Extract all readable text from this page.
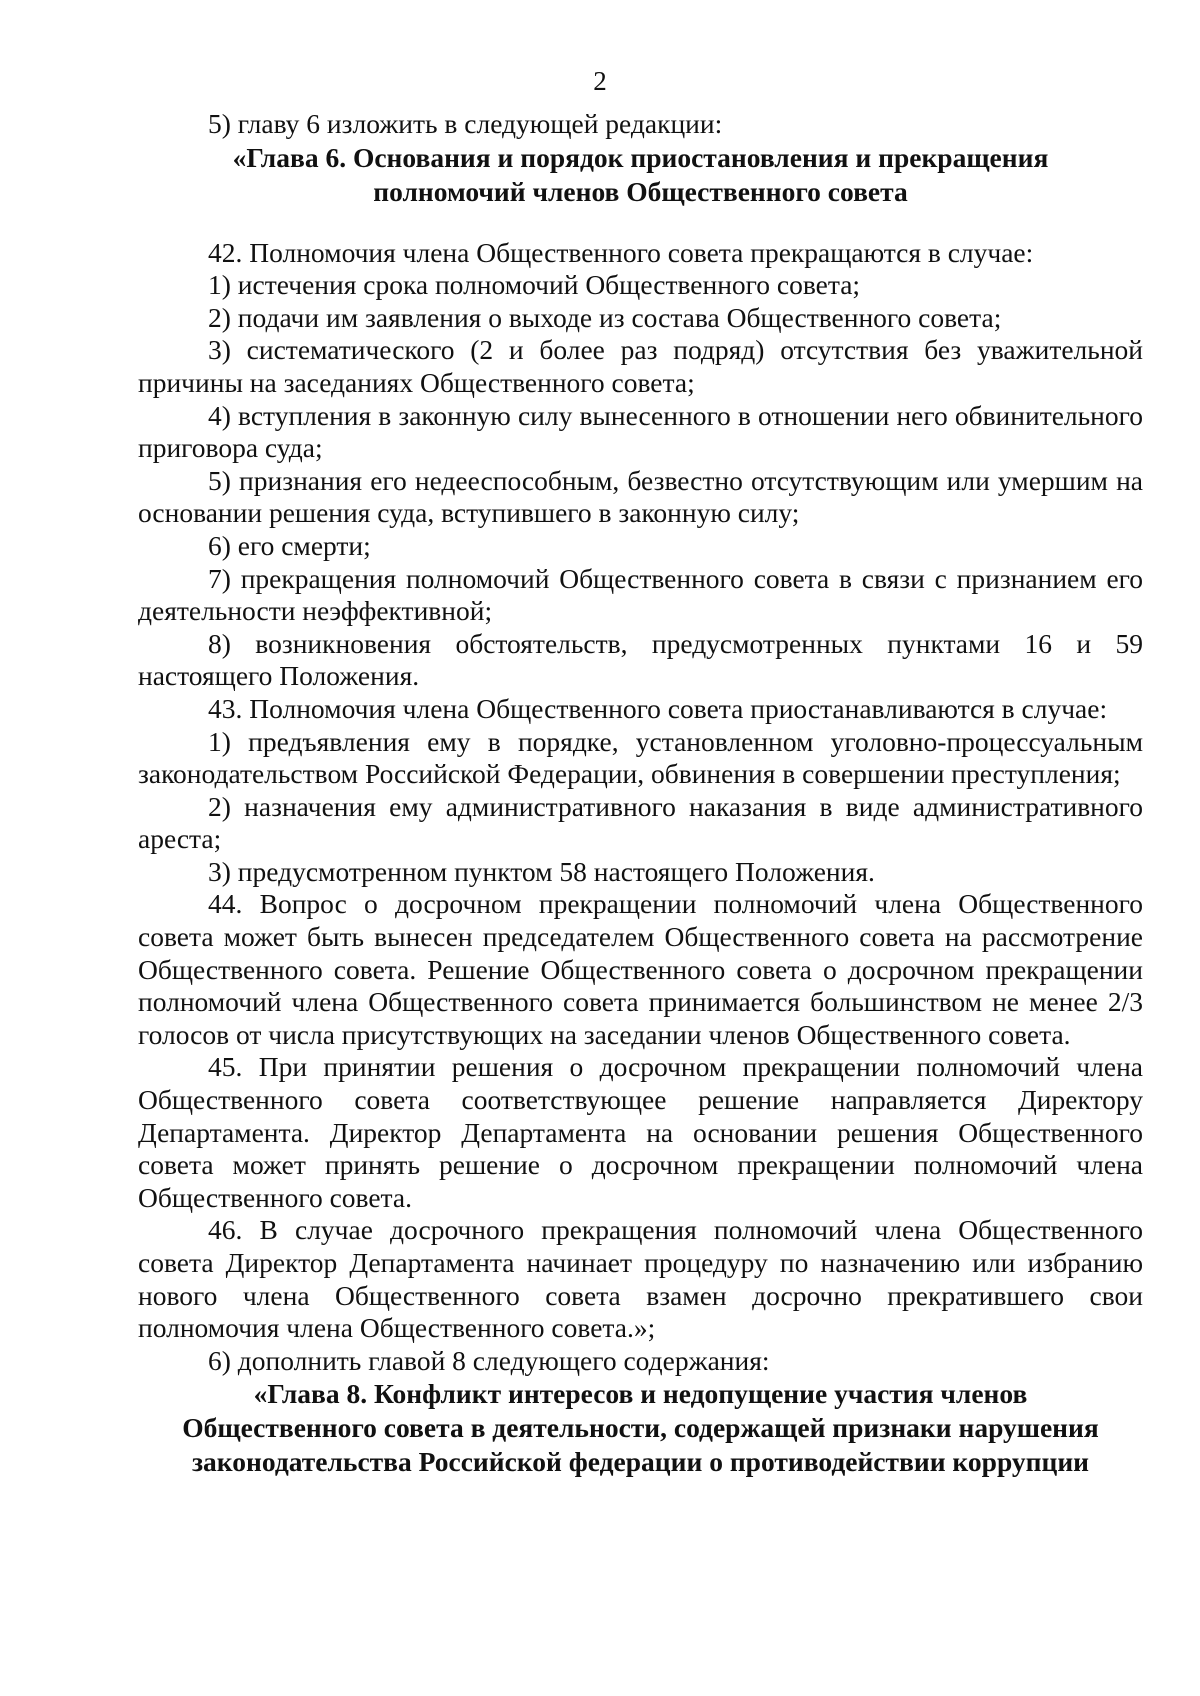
2

5) главу 6 изложить в следующей редакции:

«Глава 6. Основания и порядок приостановления и прекращения
полномочий членов Общественного совета

42. Полномочия члена Общественного совета прекращаются в случае:

1) истечения срока полномочий Общественного совета;

2) подачи им заявления о выходе из состава Общественного совета;

3) систематического (2 и более раз подряд) отсутствия без уважительной причины на заседаниях Общественного совета;

4) вступления в законную силу вынесенного в отношении него обвинительного приговора суда;

5) признания его недееспособным, безвестно отсутствующим или умершим на основании решения суда, вступившего в законную силу;

6) его смерти;

7) прекращения полномочий Общественного совета в связи с признанием его деятельности неэффективной;

8) возникновения обстоятельств, предусмотренных пунктами 16 и 59 настоящего Положения.

43. Полномочия члена Общественного совета приостанавливаются в случае:

1) предъявления ему в порядке, установленном уголовно-процессуальным законодательством Российской Федерации, обвинения в совершении преступления;

2) назначения ему административного наказания в виде административного ареста;

3) предусмотренном пунктом 58 настоящего Положения.

44. Вопрос о досрочном прекращении полномочий члена Общественного совета может быть вынесен председателем Общественного совета на рассмотрение Общественного совета. Решение Общественного совета о досрочном прекращении полномочий члена Общественного совета принимается большинством не менее 2/3 голосов от числа присутствующих на заседании членов Общественного совета.

45. При принятии решения о досрочном прекращении полномочий члена Общественного совета соответствующее решение направляется Директору Департамента. Директор Департамента на основании решения Общественного совета может принять решение о досрочном прекращении полномочий члена Общественного совета.

46. В случае досрочного прекращения полномочий члена Общественного совета Директор Департамента начинает процедуру по назначению или избранию нового члена Общественного совета взамен досрочно прекратившего свои полномочия члена Общественного совета.»;

6) дополнить главой 8 следующего содержания:

«Глава 8. Конфликт интересов и недопущение участия членов
Общественного совета в деятельности, содержащей признаки нарушения
законодательства Российской федерации о противодействии коррупции
